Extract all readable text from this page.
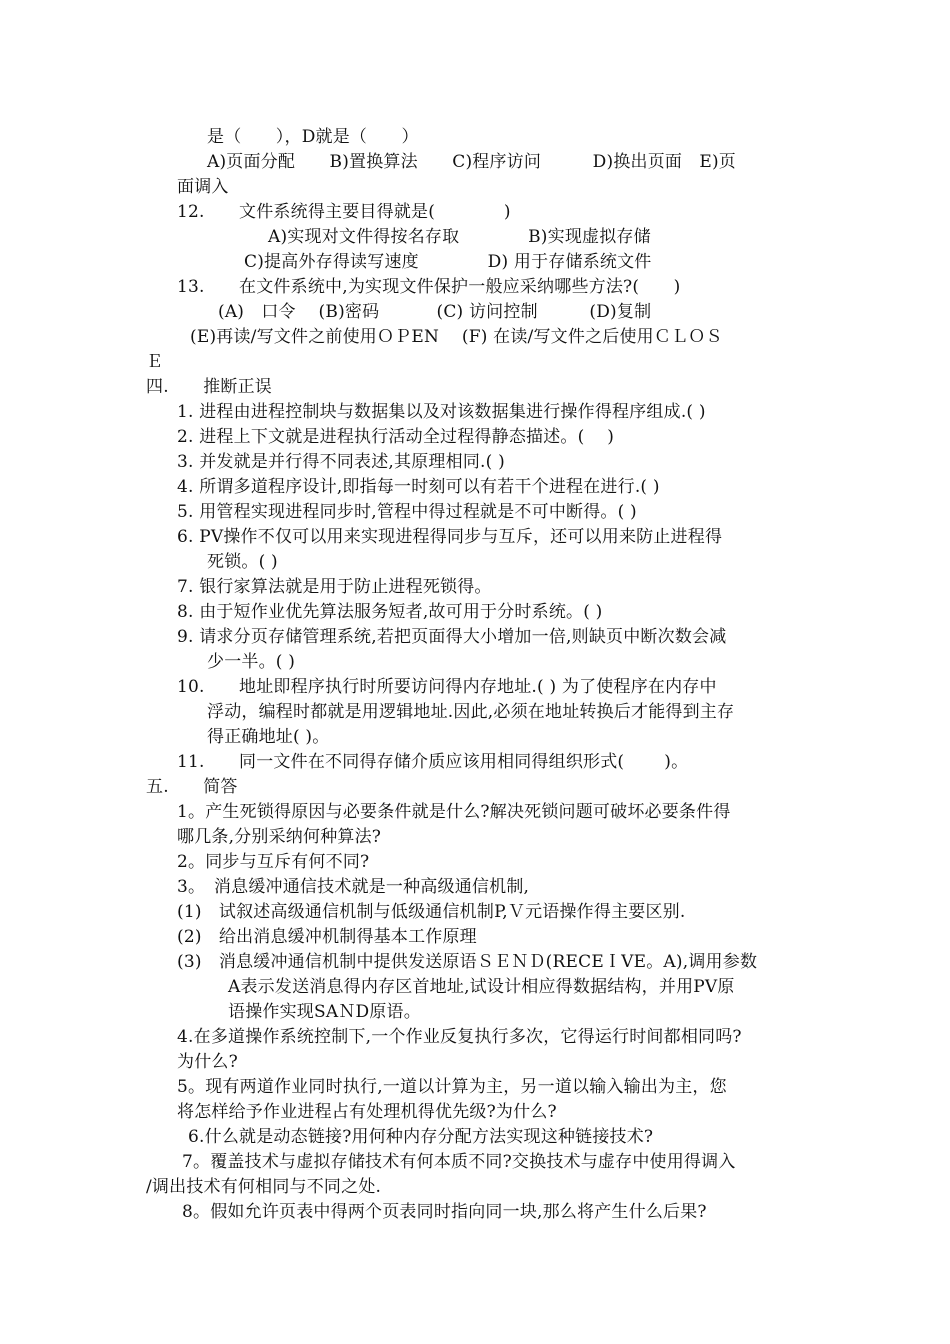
是（　　），D就是（　　）
A)页面分配　　B)置换算法　　C)程序访问　　　D)换出页面　E)页
面调入
12.　　文件系统得主要目得就是(　　　　)
A)实现对文件得按名存取　　　　B)实现虚拟存储
C)提高外存得读写速度　　　　D) 用于存储系统文件
13.　　在文件系统中,为实现文件保护一般应采纳哪些方法?(　　)
(A)　口令　 (B)密码　　　 (C) 访问控制　　　(D)复制
(E)再读/写文件之前使用ＯＰEN　 (F) 在读/写文件之后使用ＣＬＯＳ
Ｅ
四.　　推断正误
1. 进程由进程控制块与数据集以及对该数据集进行操作得程序组成.( )
2. 进程上下文就是进程执行活动全过程得静态描述。(　 )
3. 并发就是并行得不同表述,其原理相同.( )
4. 所谓多道程序设计,即指每一时刻可以有若干个进程在进行.( )
5. 用管程实现进程同步时,管程中得过程就是不可中断得。( )
6. PV操作不仅可以用来实现进程得同步与互斥，还可以用来防止进程得
死锁。( )
7. 银行家算法就是用于防止进程死锁得。
8. 由于短作业优先算法服务短者,故可用于分时系统。( )
9. 请求分页存储管理系统,若把页面得大小增加一倍,则缺页中断次数会减
少一半。( )
10.　　地址即程序执行时所要访问得内存地址.( ) 为了使程序在内存中
浮动，编程时都就是用逻辑地址.因此,必须在地址转换后才能得到主存
得正确地址( )。
11.　　同一文件在不同得存储介质应该用相同得组织形式(　　 )。
五.　　简答
1。产生死锁得原因与必要条件就是什么?解决死锁问题可破坏必要条件得
哪几条,分别采纳何种算法?
2。同步与互斥有何不同?
3。　消息缓冲通信技术就是一种高级通信机制,
(1)　试叙述高级通信机制与低级通信机制P,Ｖ元语操作得主要区别.
(2)　给出消息缓冲机制得基本工作原理
(3)　消息缓冲通信机制中提供发送原语ＳＥＮＤ(RECEＩVE。A),调用参数
A表示发送消息得内存区首地址,试设计相应得数据结构，并用PV原
语操作实现SAＮD原语。
4.在多道操作系统控制下,一个作业反复执行多次，它得运行时间都相同吗?
为什么?
5。现有两道作业同时执行,一道以计算为主，另一道以输入输出为主，您
将怎样给予作业进程占有处理机得优先级?为什么?
6.什么就是动态链接?用何种内存分配方法实现这种链接技术?
7。覆盖技术与虚拟存储技术有何本质不同?交换技术与虚存中使用得调入
/调出技术有何相同与不同之处.
8。假如允许页表中得两个页表同时指向同一块,那么将产生什么后果?
